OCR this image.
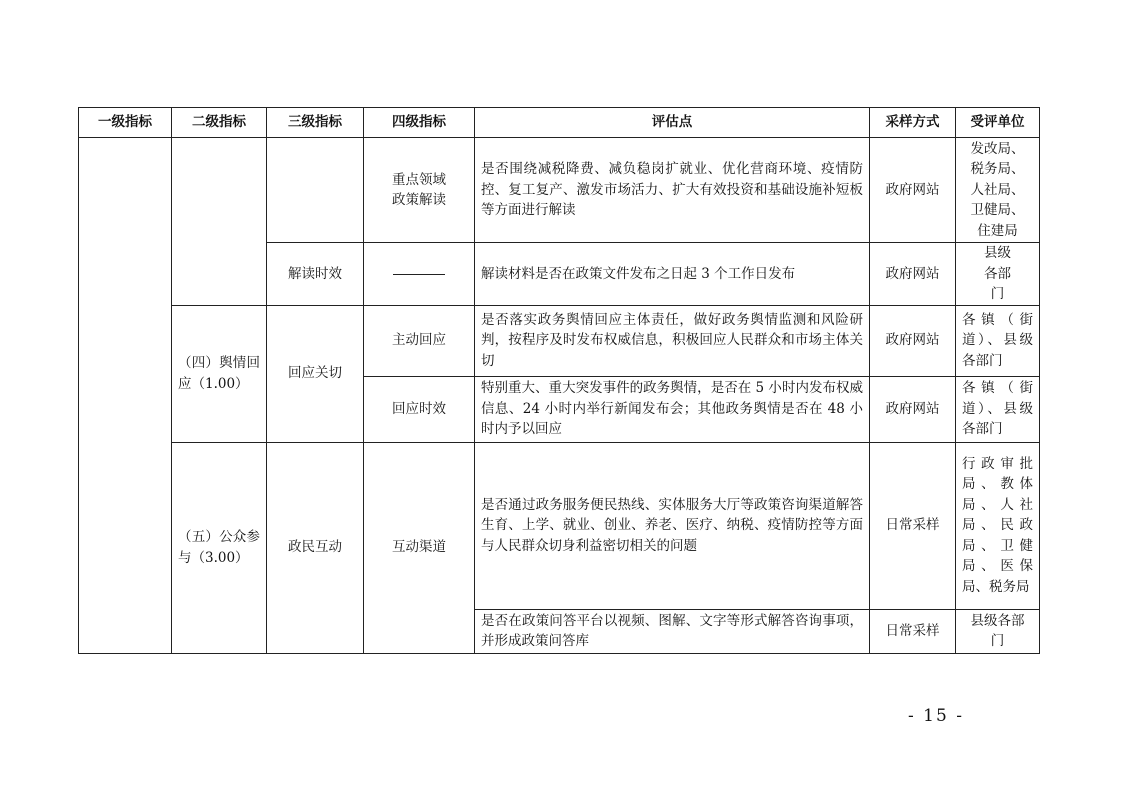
一级指标	二级指标	三级指标	四级指标	评估点	采样方式	受评单位
			重点领域政策解读	是否围绕减税降费、减负稳岗扩就业、优化营商环境、疫情防控、复工复产、激发市场活力、扩大有效投资和基础设施补短板等方面进行解读	政府网站	发改局、税务局、人社局、卫健局、住建局
		解读时效		解读材料是否在政策文件发布之日起 3 个工作日发布	政府网站	县级各部门
	（四）舆情回应（1.00）	回应关切	主动回应	是否落实政务舆情回应主体责任，做好政务舆情监测和风险研判，按程序及时发布权威信息，积极回应人民群众和市场主体关切	政府网站	各镇（街道）、县级各部门
			回应时效	特别重大、重大突发事件的政务舆情，是否在 5 小时内发布权威信息、24 小时内举行新闻发布会；其他政务舆情是否在 48 小时内予以回应	政府网站	各镇（街道）、县级各部门
	（五）公众参与（3.00）	政民互动	互动渠道	是否通过政务服务便民热线、实体服务大厅等政策咨询渠道解答生育、上学、就业、创业、养老、医疗、纳税、疫情防控等方面与人民群众切身利益密切相关的问题	日常采样	行政审批局、教体局、人社局、民政局、卫健局、医保局、税务局
				是否在政策问答平台以视频、图解、文字等形式解答咨询事项，并形成政策问答库	日常采样	县级各部门
- 15 -
